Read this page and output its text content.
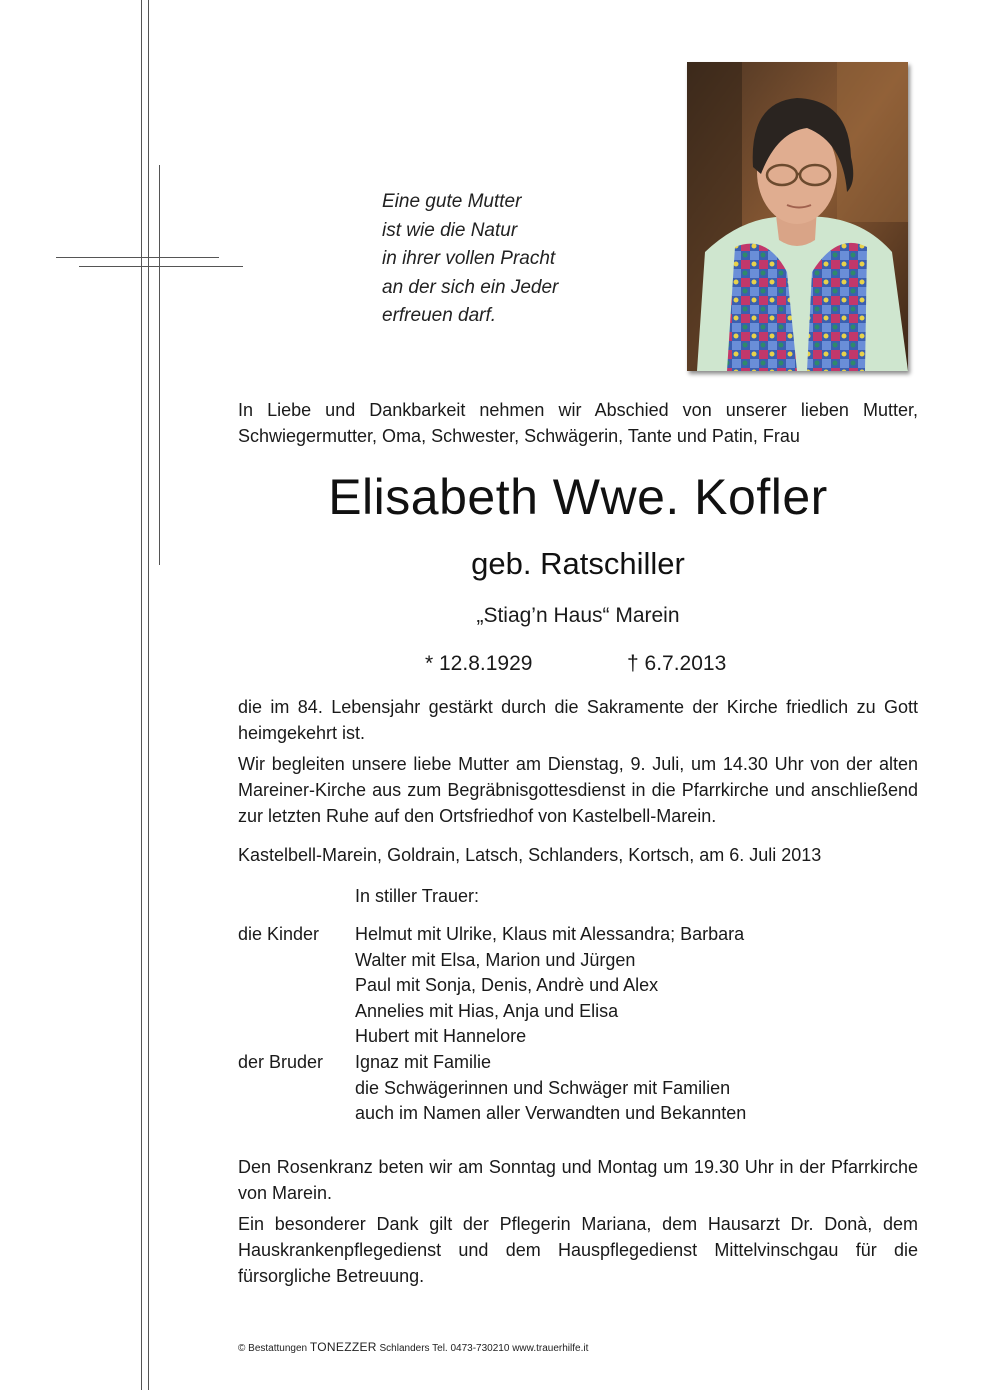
Eine gute Mutter
ist wie die Natur
in ihrer vollen Pracht
an der sich ein Jeder
erfreuen darf.
In Liebe und Dankbarkeit nehmen wir Abschied von unserer lieben Mutter, Schwiegermutter, Oma, Schwester, Schwägerin, Tante und Patin, Frau
Elisabeth Wwe. Kofler
geb. Ratschiller
„Stiag’n Haus“ Marein
* 12.8.1929	† 6.7.2013
die im 84. Lebensjahr gestärkt durch die Sakramente der Kirche friedlich zu Gott heimgekehrt ist.
Wir begleiten unsere liebe Mutter am Dienstag, 9. Juli, um 14.30 Uhr von der alten Mareiner-Kirche aus zum Begräbnisgottesdienst in die Pfarrkirche und anschließend zur letzten Ruhe auf den Ortsfriedhof von Kastelbell-Marein.
Kastelbell-Marein, Goldrain, Latsch, Schlanders, Kortsch, am 6. Juli 2013
In stiller Trauer:
die Kinder	Helmut mit Ulrike, Klaus mit Alessandra; Barbara
Walter mit Elsa, Marion und Jürgen
Paul mit Sonja, Denis, Andrè und Alex
Annelies mit Hias, Anja und Elisa
Hubert mit Hannelore
der Bruder	Ignaz mit Familie
die Schwägerinnen und Schwäger mit Familien
auch im Namen aller Verwandten und Bekannten
Den Rosenkranz beten wir am Sonntag und Montag um 19.30 Uhr in der Pfarrkirche von Marein.
Ein besonderer Dank gilt der Pflegerin Mariana, dem Hausarzt Dr. Donà, dem Hauskrankenpflegedienst und dem Hauspflegedienst Mittelvinschgau für die fürsorgliche Betreuung.
© Bestattungen TONEZZER Schlanders Tel. 0473-730210 www.trauerhilfe.it
